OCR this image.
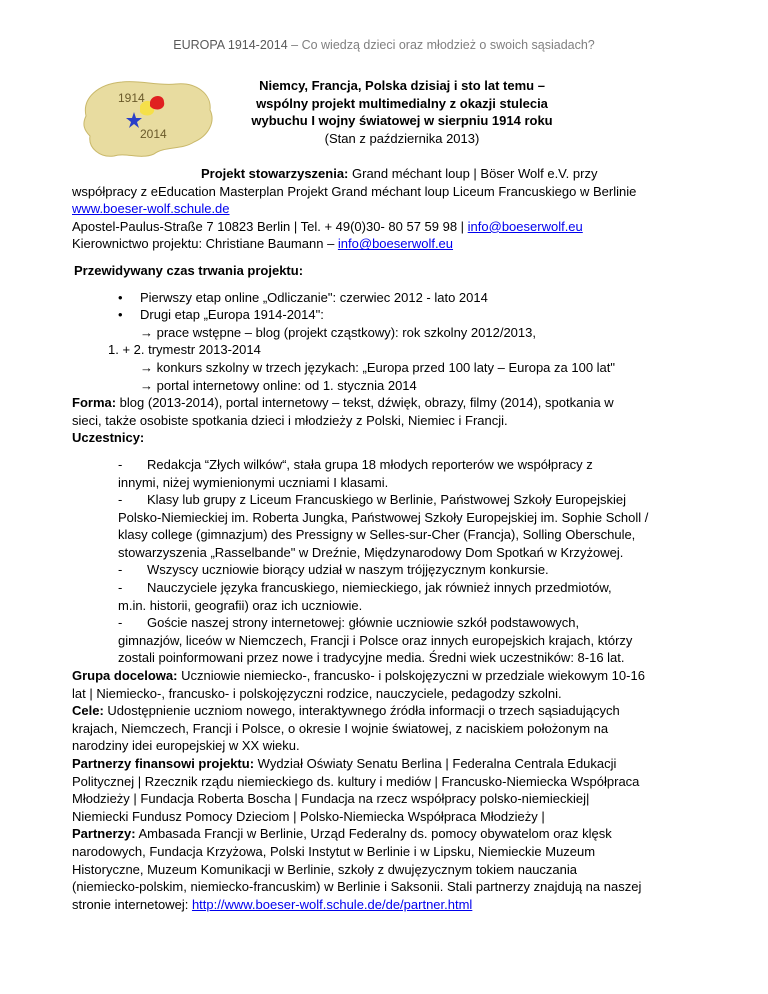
EUROPA 1914-2014 – Co wiedzą dzieci oraz młodzież o swoich sąsiadach?
1914
2014
Niemcy, Francja, Polska dzisiaj i sto lat temu –
wspólny projekt multimedialny z okazji stulecia
wybuchu I wojny światowej w sierpniu 1914 roku
(Stan z października 2013)
Projekt stowarzyszenia: Grand méchant loup | Böser Wolf e.V. przy
współpracy z eEducation Masterplan Projekt Grand méchant loup Liceum Francuskiego w Berlinie
www.boeser-wolf.schule.de
Apostel-Paulus-Straße 7 10823 Berlin | Tel. + 49(0)30- 80 57 59 98 | info@boeserwolf.eu
Kierownictwo projektu: Christiane Baumann – info@boeserwolf.eu
Przewidywany czas trwania projektu:
• Pierwszy etap online „Odliczanie": czerwiec 2012 - lato 2014
• Drugi etap „Europa 1914-2014":
→ prace wstępne – blog (projekt cząstkowy): rok szkolny 2012/2013,
1. + 2. trymestr 2013-2014
→ konkurs szkolny w trzech językach: „Europa przed 100 laty – Europa za 100 lat"
→ portal internetowy online: od 1. stycznia 2014
Forma: blog (2013-2014), portal internetowy – tekst, dźwięk, obrazy, filmy (2014), spotkania w
sieci, także osobiste spotkania dzieci i młodzieży z Polski, Niemiec i Francji.
Uczestnicy:
- Redakcja “Złych wilków“, stała grupa 18 młodych reporterów we współpracy z
innymi, niżej wymienionymi uczniami I klasami.
- Klasy lub grupy z Liceum Francuskiego w Berlinie, Państwowej Szkoły Europejskiej
Polsko-Niemieckiej im. Roberta Jungka, Państwowej Szkoły Europejskiej im. Sophie Scholl /
klasy college (gimnazjum) des Pressigny w Selles-sur-Cher (Francja), Solling Oberschule,
stowarzyszenia „Rasselbande" w Dreźnie, Międzynarodowy Dom Spotkań w Krzyżowej.
- Wszyscy uczniowie biorący udział w naszym trójjęzycznym konkursie.
- Nauczyciele języka francuskiego, niemieckiego, jak również innych przedmiotów,
m.in. historii, geografii) oraz ich uczniowie.
- Goście naszej strony internetowej: głównie uczniowie szkół podstawowych,
gimnazjów, liceów w Niemczech, Francji i Polsce oraz innych europejskich krajach, którzy
zostali poinformowani przez nowe i tradycyjne media. Średni wiek uczestników: 8-16 lat.
Grupa docelowa: Uczniowie niemiecko-, francusko- i polskojęzyczni w przedziale wiekowym 10-16
lat | Niemiecko-, francusko- i polskojęzyczni rodzice, nauczyciele, pedagodzy szkolni.
Cele: Udostępnienie uczniom nowego, interaktywnego źródła informacji o trzech sąsiadujących
krajach, Niemczech, Francji i Polsce, o okresie I wojnie światowej, z naciskiem położonym na
narodziny idei europejskiej w XX wieku.
Partnerzy finansowi projektu: Wydział Oświaty Senatu Berlina | Federalna Centrala Edukacji
Politycznej | Rzecznik rządu niemieckiego ds. kultury i mediów | Francusko-Niemiecka Współpraca
Młodzieży | Fundacja Roberta Boscha | Fundacja na rzecz współpracy polsko-niemieckiej|
Niemiecki Fundusz Pomocy Dzieciom | Polsko-Niemiecka Współpraca Młodzieży |
Partnerzy: Ambasada Francji w Berlinie, Urząd Federalny ds. pomocy obywatelom oraz klęsk
narodowych, Fundacja Krzyżowa, Polski Instytut w Berlinie i w Lipsku, Niemieckie Muzeum
Historyczne, Muzeum Komunikacji w Berlinie, szkoły z dwujęzycznym tokiem nauczania
(niemiecko-polskim, niemiecko-francuskim) w Berlinie i Saksonii. Stali partnerzy znajdują na naszej
stronie internetowej: http://www.boeser-wolf.schule.de/de/partner.html
